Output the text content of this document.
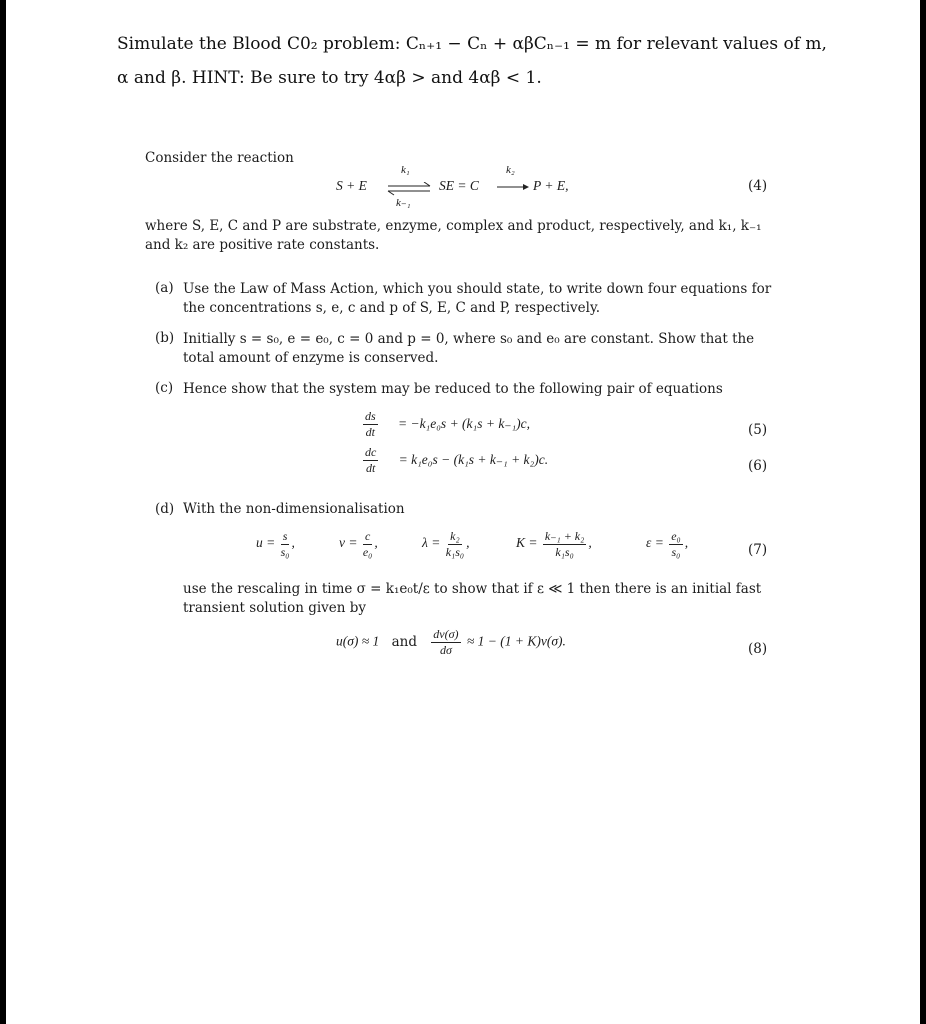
Simulate the Blood C0₂ problem: Cₙ₊₁ − Cₙ + αβCₙ₋₁ = m for relevant values of m,
α and β. HINT: Be sure to try 4αβ > and 4αβ < 1.
Consider the reaction
S + E
k₁
k₋₁
SE = C
k₂
P + E,	(4)
where S, E, C and P are substrate, enzyme, complex and product, respectively, and k₁, k₋₁
and k₂ are positive rate constants.
(a) Use the Law of Mass Action, which you should state, to write down four equations for the concentrations s, e, c and p of S, E, C and P, respectively.
(b) Initially s = s₀, e = e₀, c = 0 and p = 0, where s₀ and e₀ are constant. Show that the total amount of enzyme is conserved.
(c) Hence show that the system may be reduced to the following pair of equations
$\frac{ds}{dt} = -k_1e_0s + (k_1s + k_{-1})c$,	(5)
$\frac{dc}{dt} = k_1e_0s - (k_1s + k_{-1} + k_2)c$.	(6)
(d) With the non-dimensionalisation
$u = \frac{s}{\text{s₀}}$ ,	$v = \frac{c}{\text{e₀}}$ ,	$\lambda = \frac{\text{k₂}}{\text{k₁s₀}}$ ,	$K = \frac{\text{k₋₁ + k₂}}{\text{k₁s₀}}$ ,	$\varepsilon = \frac{\text{e₀}}{\text{s₀}}$ ,	(7)
use the rescaling in time σ = k₁e₀t/ε to show that if ε ≪ 1 then there is an initial fast
transient solution given by
u(σ) ≈ 1 and $\frac{dv(\sigma)}{d\sigma} \approx 1 - (1 + K)v(\sigma)$.	(8)
